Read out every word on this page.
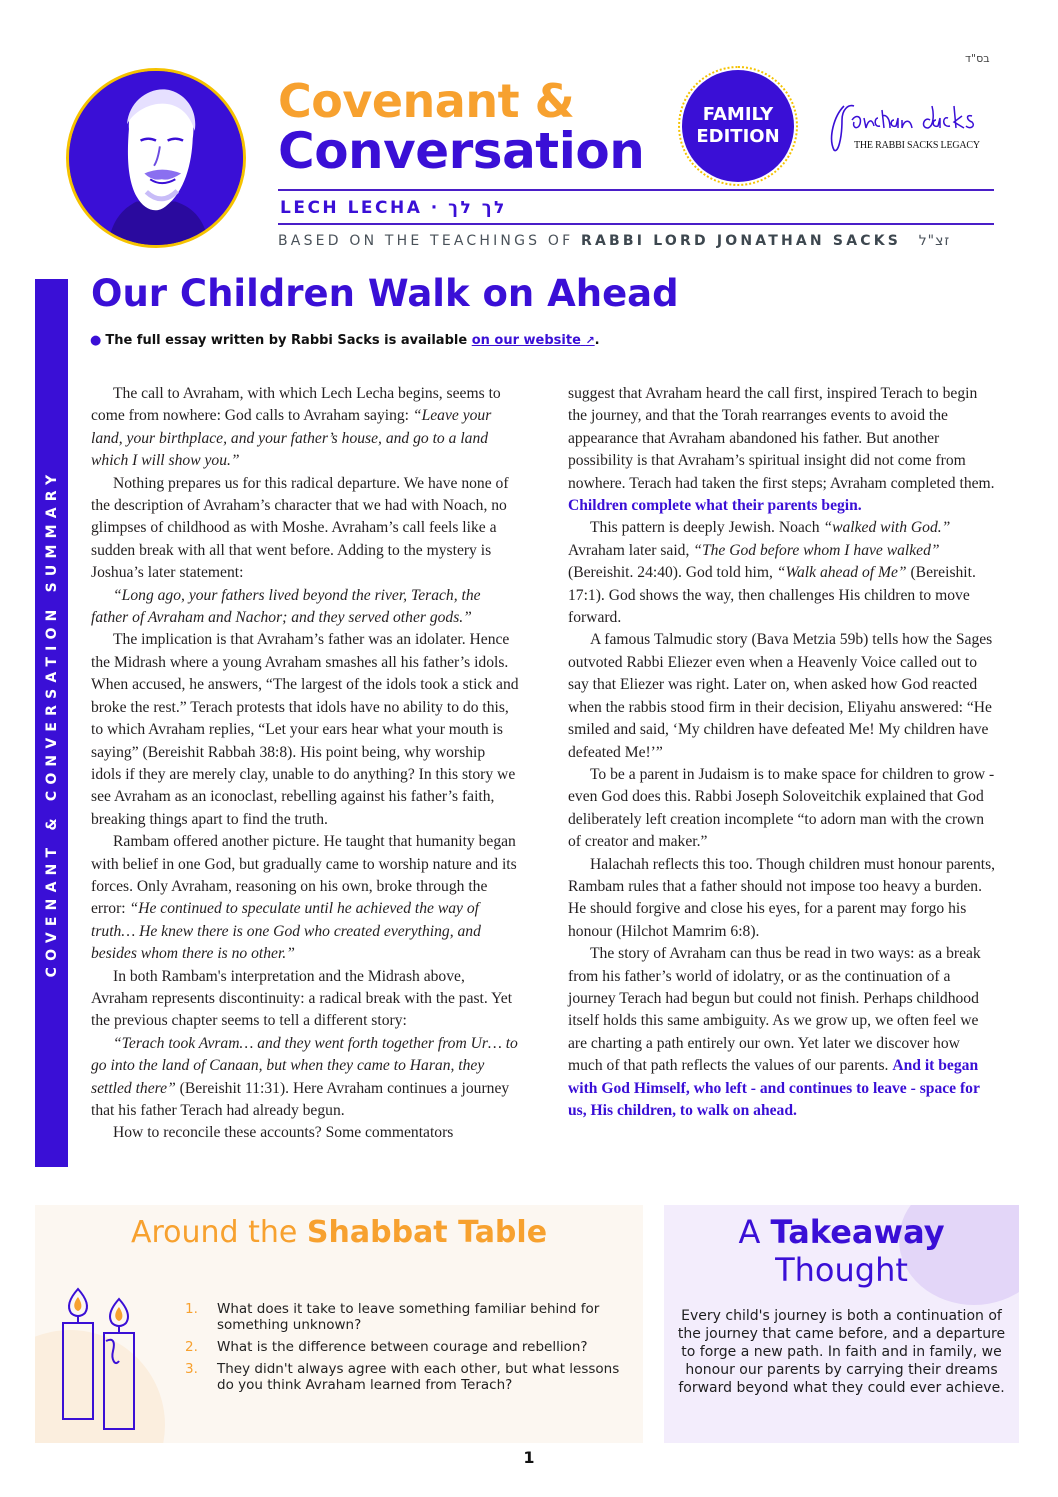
בס"ד
Covenant &
Conversation
FAMILY
EDITION	THE RABBI SACKS LEGACY
LECH LECHA · לך לך
BASED ON THE TEACHINGS OF RABBI LORD JONATHAN SACKS זצ"ל
COVENANT & CONVERSATION SUMMARY
Our Children Walk on Ahead
● The full essay written by Rabbi Sacks is available on our website ↗.

The call to Avraham, with which Lech Lecha begins, seems to come from nowhere: God calls to Avraham saying: “Leave your land, your birthplace, and your father’s house, and go to a land which I will show you.”

Nothing prepares us for this radical departure. We have none of the description of Avraham’s character that we had with Noach, no glimpses of childhood as with Moshe. Avraham’s call feels like a sudden break with all that went before. Adding to the mystery is Joshua’s later statement:

“Long ago, your fathers lived beyond the river, Terach, the father of Avraham and Nachor; and they served other gods.”

The implication is that Avraham’s father was an idolater. Hence the Midrash where a young Avraham smashes all his father’s idols. When accused, he answers, “The largest of the idols took a stick and broke the rest.” Terach protests that idols have no ability to do this, to which Avraham replies, “Let your ears hear what your mouth is saying” (Bereishit Rabbah 38:8). His point being, why worship idols if they are merely clay, unable to do anything? In this story we see Avraham as an iconoclast, rebelling against his father’s faith, breaking things apart to find the truth.

Rambam offered another picture. He taught that humanity began with belief in one God, but gradually came to worship nature and its forces. Only Avraham, reasoning on his own, broke through the error: “He continued to speculate until he achieved the way of truth… He knew there is one God who created everything, and besides whom there is no other.”

In both Rambam's interpretation and the Midrash above, Avraham represents discontinuity: a radical break with the past. Yet the previous chapter seems to tell a different story:

“Terach took Avram… and they went forth together from Ur… to go into the land of Canaan, but when they came to Haran, they settled there” (Bereishit 11:31). Here Avraham continues a journey that his father Terach had already begun.

How to reconcile these accounts? Some commentators

suggest that Avraham heard the call first, inspired Terach to begin the journey, and that the Torah rearranges events to avoid the appearance that Avraham abandoned his father. But another possibility is that Avraham’s spiritual insight did not come from nowhere. Terach had taken the first steps; Avraham completed them. Children complete what their parents begin.

This pattern is deeply Jewish. Noach “walked with God.” Avraham later said, “The God before whom I have walked” (Bereishit. 24:40). God told him, “Walk ahead of Me” (Bereishit. 17:1). God shows the way, then challenges His children to move forward.

A famous Talmudic story (Bava Metzia 59b) tells how the Sages outvoted Rabbi Eliezer even when a Heavenly Voice called out to say that Eliezer was right. Later on, when asked how God reacted when the rabbis stood firm in their decision, Eliyahu answered: “He smiled and said, ‘My children have defeated Me! My children have defeated Me!’”

To be a parent in Judaism is to make space for children to grow - even God does this. Rabbi Joseph Soloveitchik explained that God deliberately left creation incomplete “to adorn man with the crown of creator and maker.”

Halachah reflects this too. Though children must honour parents, Rambam rules that a father should not impose too heavy a burden. He should forgive and close his eyes, for a parent may forgo his honour (Hilchot Mamrim 6:8).

The story of Avraham can thus be read in two ways: as a break from his father’s world of idolatry, or as the continuation of a journey Terach had begun but could not finish. Perhaps childhood itself holds this same ambiguity. As we grow up, we often feel we are charting a path entirely our own. Yet later we discover how much of that path reflects the values of our parents. And it began with God Himself, who left - and continues to leave - space for us, His children, to walk on ahead.

Around the Shabbat Table
1.	What does it take to leave something familiar behind for something unknown?
2.	What is the difference between courage and rebellion?
3.	They didn't always agree with each other, but what lessons do you think Avraham learned from Terach?
A Takeaway
Thought

Every child's journey is both a continuation of the journey that came before, and a departure to forge a new path. In faith and in family, we honour our parents by carrying their dreams forward beyond what they could ever achieve.

1
